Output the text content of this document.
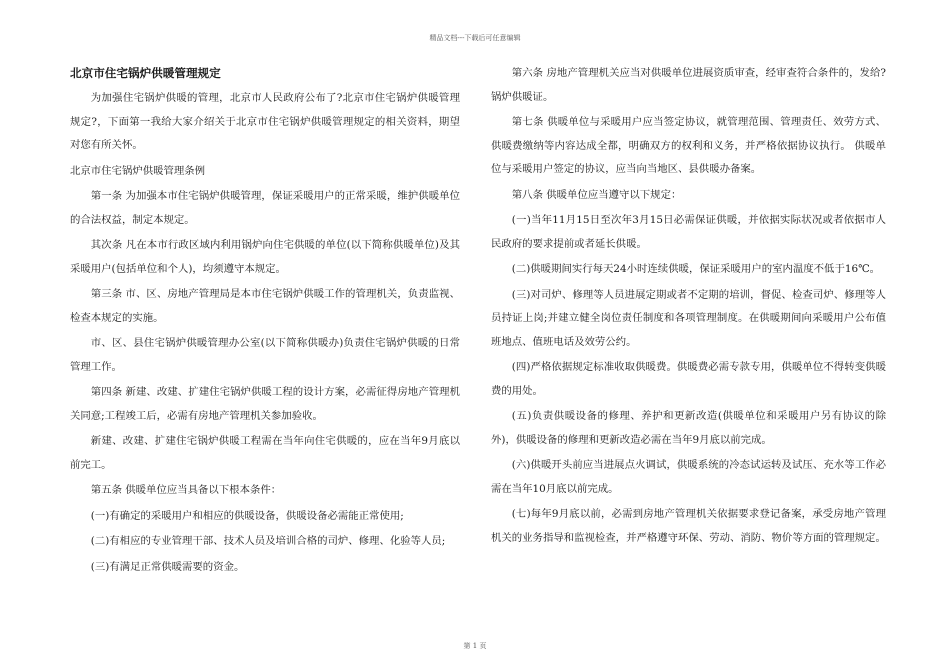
精品文档---下载后可任意编辑
北京市住宅锅炉供暖管理规定

为加强住宅锅炉供暖的管理，北京市人民政府公布了?北京市住宅锅炉供暖管理规定?，下面第一我给大家介绍关于北京市住宅锅炉供暖管理规定的相关资料，期望对您有所关怀。

北京市住宅锅炉供暖管理条例

第一条 为加强本市住宅锅炉供暖管理，保证采暖用户的正常采暖，维护供暖单位的合法权益，制定本规定。

其次条 凡在本市行政区域内利用锅炉向住宅供暖的单位(以下简称供暖单位)及其采暖用户(包括单位和个人)，均须遵守本规定。

第三条 市、区、房地产管理局是本市住宅锅炉供暖工作的管理机关，负责监视、检查本规定的实施。

市、区、县住宅锅炉供暖管理办公室(以下简称供暖办)负责住宅锅炉供暖的日常管理工作。

第四条 新建、改建、扩建住宅锅炉供暖工程的设计方案，必需征得房地产管理机关同意;工程竣工后，必需有房地产管理机关参加验收。

新建、改建、扩建住宅锅炉供暖工程需在当年向住宅供暖的，应在当年9月底以前完工。

第五条 供暖单位应当具备以下根本条件：

(一)有确定的采暖用户和相应的供暖设备，供暖设备必需能正常使用;

(二)有相应的专业管理干部、技术人员及培训合格的司炉、修理、化验等人员;

(三)有满足正常供暖需要的资金。

第六条 房地产管理机关应当对供暖单位进展资质审查，经审查符合条件的，发给?锅炉供暖证。

第七条 供暖单位与采暖用户应当签定协议，就管理范围、管理责任、效劳方式、供暖费缴纳等内容达成全都，明确双方的权利和义务，并严格依据协议执行。 供暖单位与采暖用户签定的协议，应当向当地区、县供暖办备案。

第八条 供暖单位应当遵守以下规定：

(一)当年11月15日至次年3月15日必需保证供暖，并依据实际状况或者依据市人民政府的要求提前或者延长供暖。

(二)供暖期间实行每天24小时连续供暖，保证采暖用户的室内温度不低于16℃。

(三)对司炉、修理等人员进展定期或者不定期的培训，督促、检查司炉、修理等人员持证上岗;并建立健全岗位责任制度和各项管理制度。在供暖期间向采暖用户公布值班地点、值班电话及效劳公约。

(四)严格依据规定标准收取供暖费。供暖费必需专款专用，供暖单位不得转变供暖费的用处。

(五)负责供暖设备的修理、养护和更新改造(供暖单位和采暖用户另有协议的除外)，供暖设备的修理和更新改造必需在当年9月底以前完成。

(六)供暖开头前应当进展点火调试，供暖系统的冷态试运转及试压、充水等工作必需在当年10月底以前完成。

(七)每年9月底以前，必需到房地产管理机关依据要求登记备案，承受房地产管理机关的业务指导和监视检查，并严格遵守环保、劳动、消防、物价等方面的管理规定。

第 1 页
